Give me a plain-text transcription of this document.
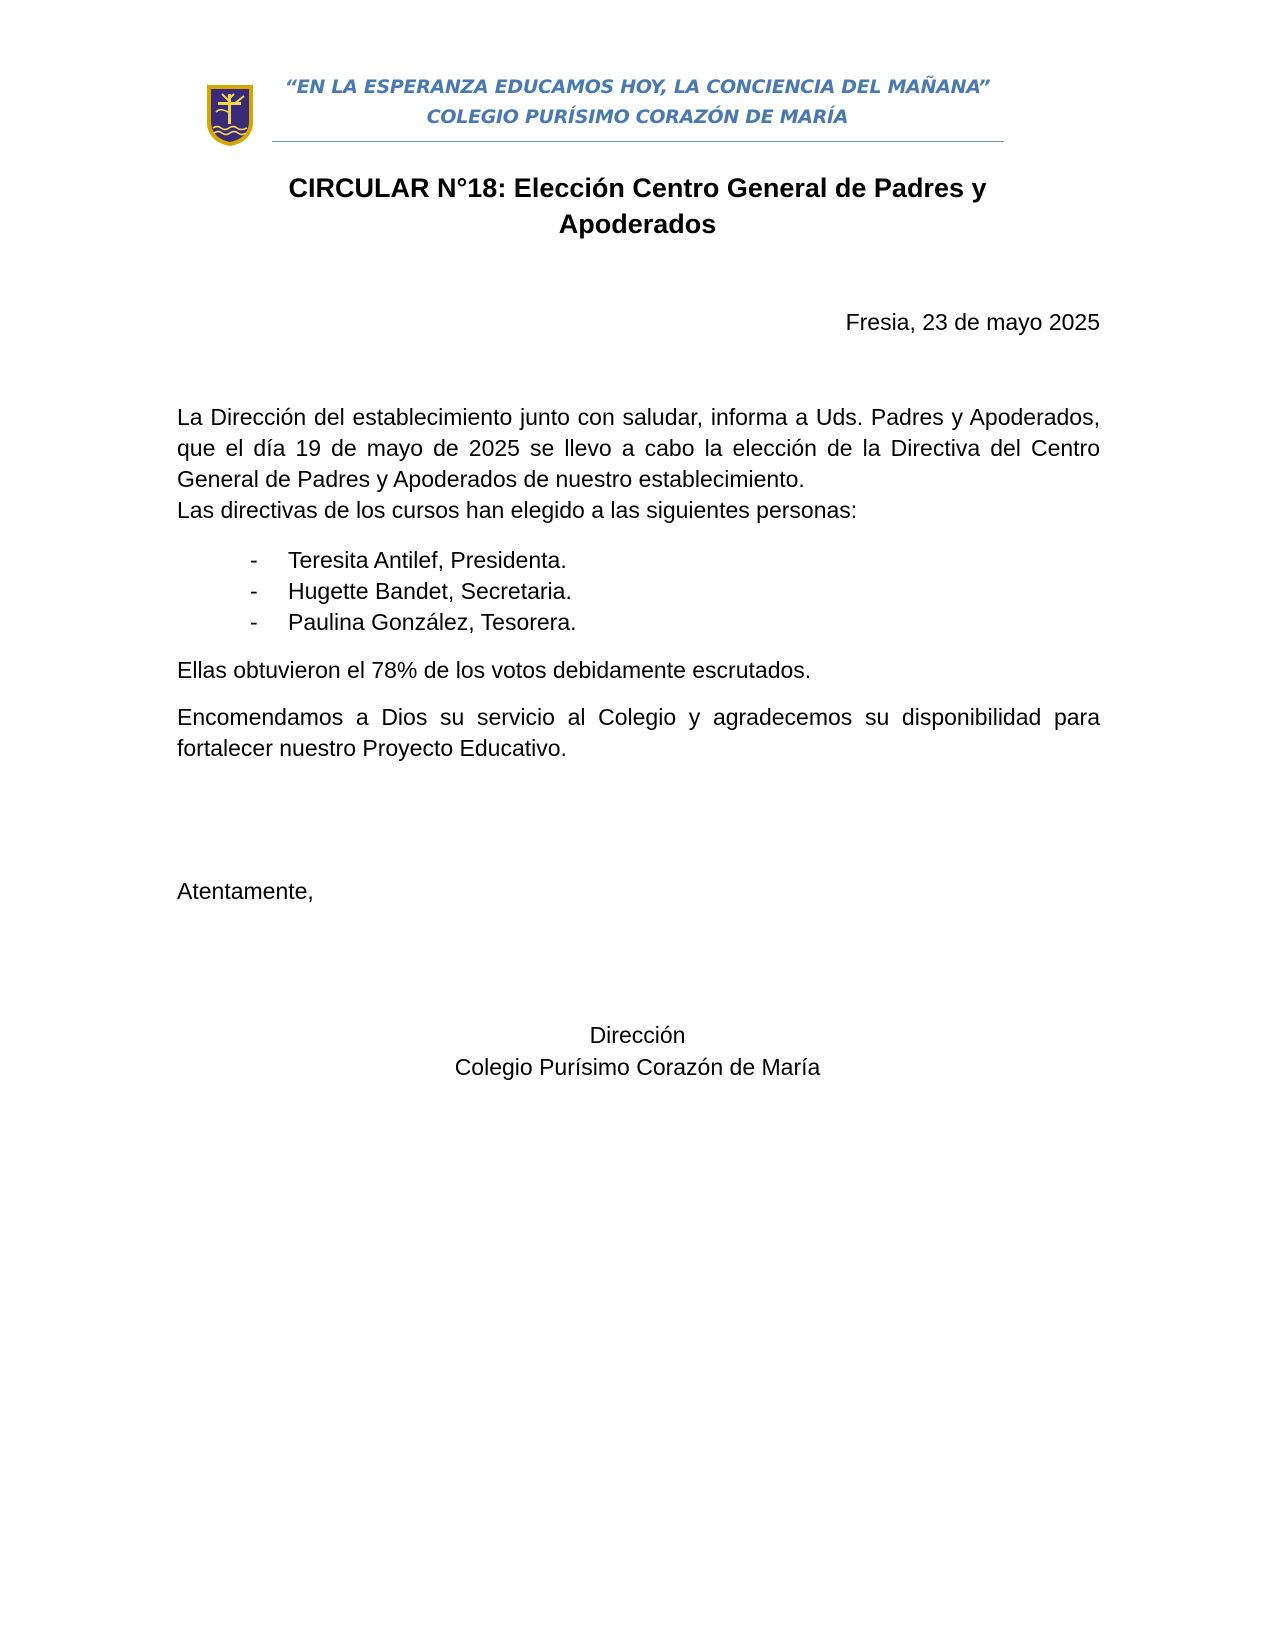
“EN LA ESPERANZA EDUCAMOS HOY, LA CONCIENCIA DEL MAÑANA”
COLEGIO PURÍSIMO CORAZÓN DE MARÍA
CIRCULAR N°18: Elección Centro General de Padres y
Apoderados
Fresia, 23 de mayo 2025
La Dirección del establecimiento junto con saludar, informa a Uds. Padres y Apoderados, que el día 19 de mayo de 2025 se llevo a cabo la elección de la Directiva del Centro General de Padres y Apoderados de nuestro establecimiento.
Las directivas de los cursos han elegido a las siguientes personas:
- Teresita Antilef, Presidenta.
- Hugette Bandet, Secretaria.
- Paulina González, Tesorera.
Ellas obtuvieron el 78% de los votos debidamente escrutados.
Encomendamos a Dios su servicio al Colegio y agradecemos su disponibilidad para fortalecer nuestro Proyecto Educativo.
Atentamente,
Dirección
Colegio Purísimo Corazón de María
